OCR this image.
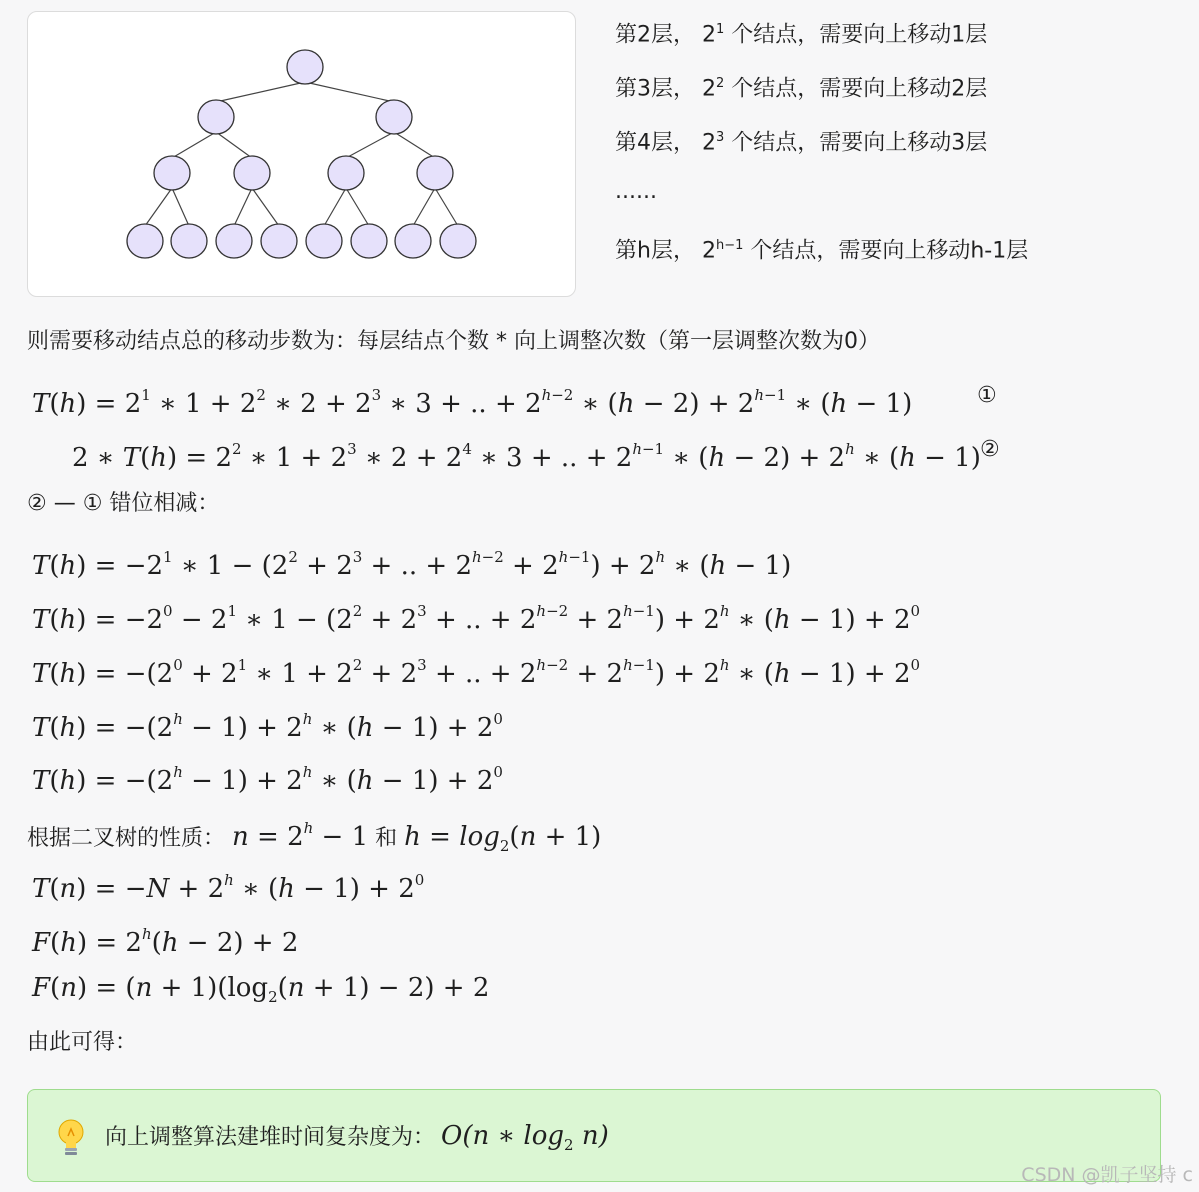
第2层， $2^1$ 个结点，需要向上移动1层
第3层， $2^2$ 个结点，需要向上移动2层
第4层， $2^3$ 个结点，需要向上移动3层
......
第h层， $2^{h-1}$ 个结点，需要向上移动h-1层
则需要移动结点总的移动步数为：每层结点个数 * 向上调整次数（第一层调整次数为0）
$T(h) = 2^1$ ∗ $1 + 2^2$ ∗ $2 + 2^3$ ∗ 3 + .. + $2^{h-2}$ ∗ $(h - 2) + 2^{h-1}$ ∗ (h − 1)	①
2 ∗ $T(h) = 2^2$ ∗ $1 + 2^3$ ∗ $2 + 2^4$ ∗ 3 + .. + $2^{h-1}$ ∗ $(h - 2) + 2^h$ ∗ (h − 1) ②
② — ① 错位相减：
$T(h) = -2^1$ ∗ $1 - (2^2 + 2^3$ + .. + $2^{h-2} + 2^{h-1}) + 2^h$ ∗ (h − 1)
$T(h) = -2^0 - 2^1$ ∗ $1 - (2^2 + 2^3$ + .. + $2^{h-2} + 2^{h-1}) + 2^h$ ∗ $(h - 1) + 2^0$
$T(h) = -(2^0 + 2^1$ ∗ $1 + 2^2 + 2^3$ + .. + $2^{h-2} + 2^{h-1}) + 2^h$ ∗ $(h - 1) + 2^0$
$T(h) = -(2^h - 1) + 2^h$ ∗ $(h - 1) + 2^0$
$T(h) = -(2^h - 1) + 2^h$ ∗ $(h - 1) + 2^0$
根据二叉树的性质： $n = 2^h - 1$ 和 $h = \log_2(n + 1)$
$T(n) = -N + 2^h$ ∗ $(h - 1) + 2^0$
$F(h) = 2^h(h - 2) + 2$
$F(n) = (n + 1)(\log_2(n + 1) - 2) + 2$
由此可得：
向上调整算法建堆时间复杂度为： O(n ∗ $\log_2 n$)
CSDN @凯子坚持 c
